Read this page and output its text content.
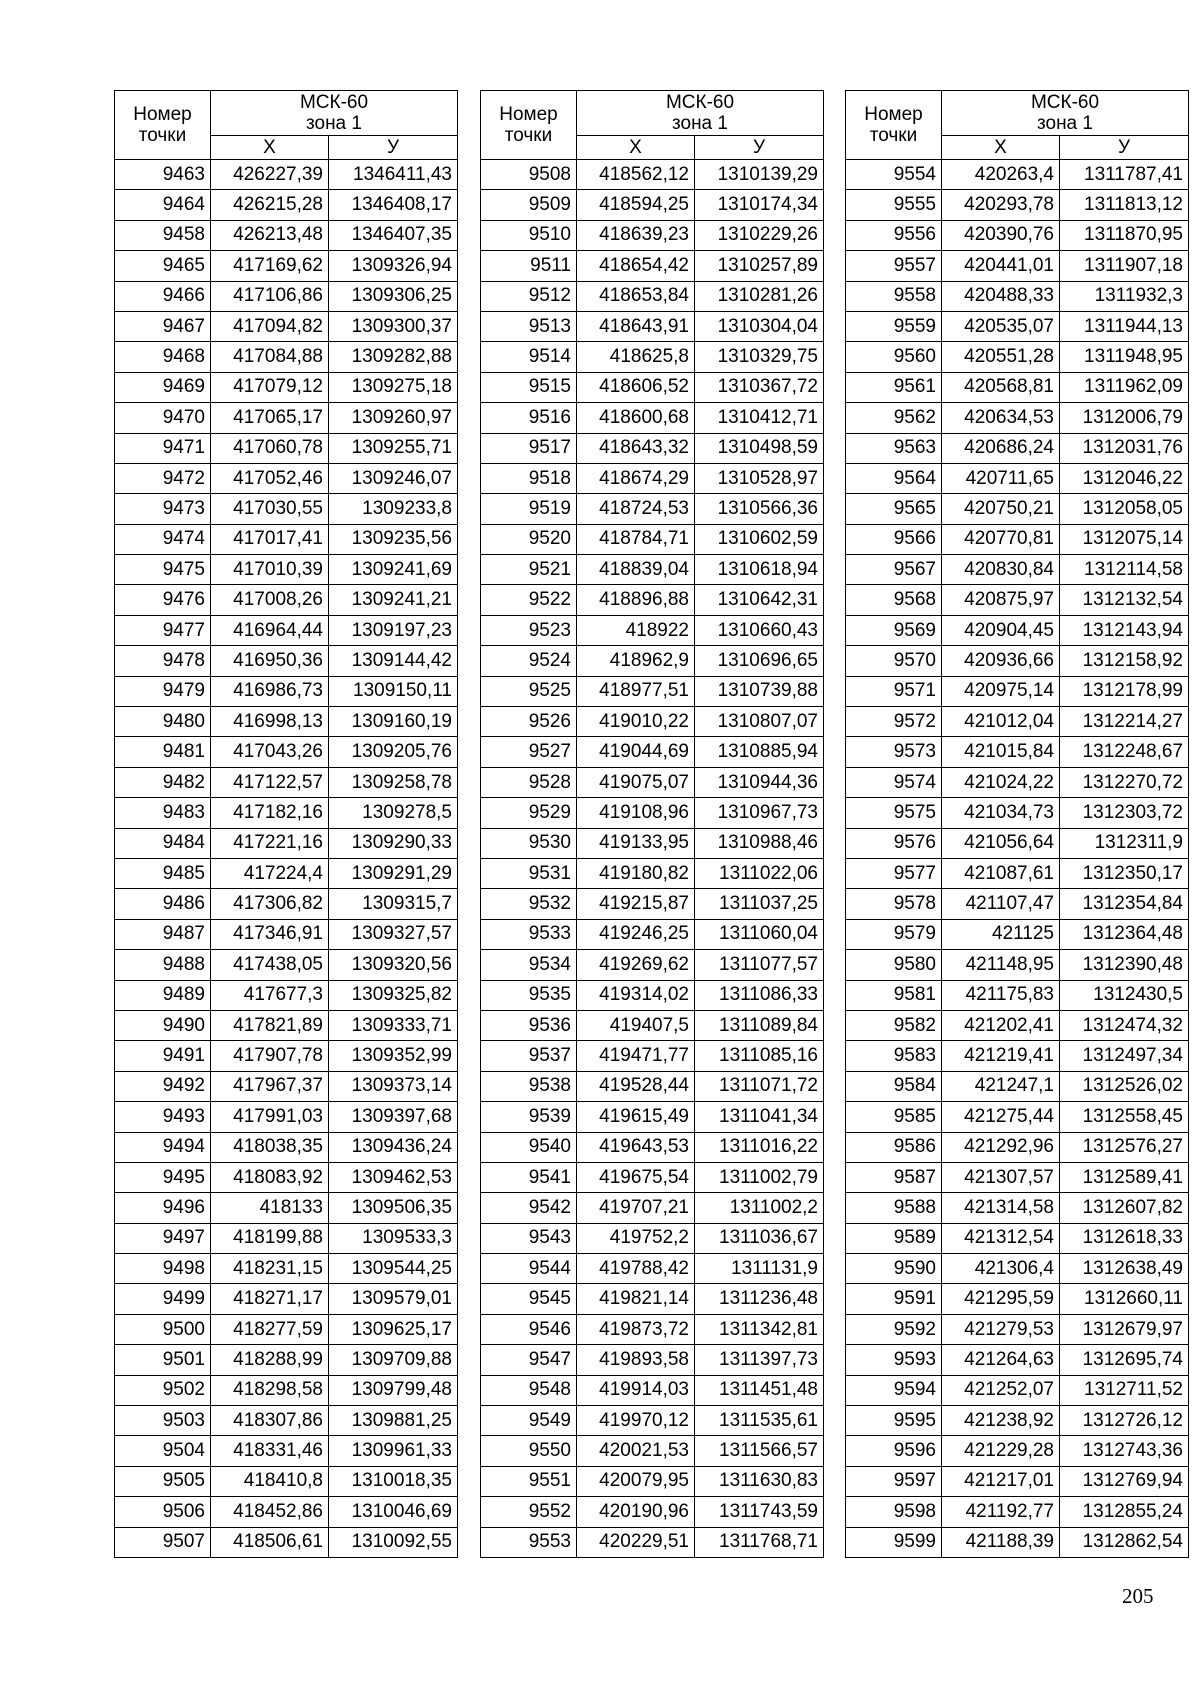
Номер
точки	МСК-60
зона 1	
	Х	У
9463	426227,39	1346411,43
9464	426215,28	1346408,17
9458	426213,48	1346407,35
9465	417169,62	1309326,94
9466	417106,86	1309306,25
9467	417094,82	1309300,37
9468	417084,88	1309282,88
9469	417079,12	1309275,18
9470	417065,17	1309260,97
9471	417060,78	1309255,71
9472	417052,46	1309246,07
9473	417030,55	1309233,8
9474	417017,41	1309235,56
9475	417010,39	1309241,69
9476	417008,26	1309241,21
9477	416964,44	1309197,23
9478	416950,36	1309144,42
9479	416986,73	1309150,11
9480	416998,13	1309160,19
9481	417043,26	1309205,76
9482	417122,57	1309258,78
9483	417182,16	1309278,5
9484	417221,16	1309290,33
9485	417224,4	1309291,29
9486	417306,82	1309315,7
9487	417346,91	1309327,57
9488	417438,05	1309320,56
9489	417677,3	1309325,82
9490	417821,89	1309333,71
9491	417907,78	1309352,99
9492	417967,37	1309373,14
9493	417991,03	1309397,68
9494	418038,35	1309436,24
9495	418083,92	1309462,53
9496	418133	1309506,35
9497	418199,88	1309533,3
9498	418231,15	1309544,25
9499	418271,17	1309579,01
9500	418277,59	1309625,17
9501	418288,99	1309709,88
9502	418298,58	1309799,48
9503	418307,86	1309881,25
9504	418331,46	1309961,33
9505	418410,8	1310018,35
9506	418452,86	1310046,69
9507	418506,61	1310092,55
Номер
точки	МСК-60
зона 1	
	Х	У
9508	418562,12	1310139,29
9509	418594,25	1310174,34
9510	418639,23	1310229,26
9511	418654,42	1310257,89
9512	418653,84	1310281,26
9513	418643,91	1310304,04
9514	418625,8	1310329,75
9515	418606,52	1310367,72
9516	418600,68	1310412,71
9517	418643,32	1310498,59
9518	418674,29	1310528,97
9519	418724,53	1310566,36
9520	418784,71	1310602,59
9521	418839,04	1310618,94
9522	418896,88	1310642,31
9523	418922	1310660,43
9524	418962,9	1310696,65
9525	418977,51	1310739,88
9526	419010,22	1310807,07
9527	419044,69	1310885,94
9528	419075,07	1310944,36
9529	419108,96	1310967,73
9530	419133,95	1310988,46
9531	419180,82	1311022,06
9532	419215,87	1311037,25
9533	419246,25	1311060,04
9534	419269,62	1311077,57
9535	419314,02	1311086,33
9536	419407,5	1311089,84
9537	419471,77	1311085,16
9538	419528,44	1311071,72
9539	419615,49	1311041,34
9540	419643,53	1311016,22
9541	419675,54	1311002,79
9542	419707,21	1311002,2
9543	419752,2	1311036,67
9544	419788,42	1311131,9
9545	419821,14	1311236,48
9546	419873,72	1311342,81
9547	419893,58	1311397,73
9548	419914,03	1311451,48
9549	419970,12	1311535,61
9550	420021,53	1311566,57
9551	420079,95	1311630,83
9552	420190,96	1311743,59
9553	420229,51	1311768,71
Номер
точки	МСК-60
зона 1	
	Х	У
9554	420263,4	1311787,41
9555	420293,78	1311813,12
9556	420390,76	1311870,95
9557	420441,01	1311907,18
9558	420488,33	1311932,3
9559	420535,07	1311944,13
9560	420551,28	1311948,95
9561	420568,81	1311962,09
9562	420634,53	1312006,79
9563	420686,24	1312031,76
9564	420711,65	1312046,22
9565	420750,21	1312058,05
9566	420770,81	1312075,14
9567	420830,84	1312114,58
9568	420875,97	1312132,54
9569	420904,45	1312143,94
9570	420936,66	1312158,92
9571	420975,14	1312178,99
9572	421012,04	1312214,27
9573	421015,84	1312248,67
9574	421024,22	1312270,72
9575	421034,73	1312303,72
9576	421056,64	1312311,9
9577	421087,61	1312350,17
9578	421107,47	1312354,84
9579	421125	1312364,48
9580	421148,95	1312390,48
9581	421175,83	1312430,5
9582	421202,41	1312474,32
9583	421219,41	1312497,34
9584	421247,1	1312526,02
9585	421275,44	1312558,45
9586	421292,96	1312576,27
9587	421307,57	1312589,41
9588	421314,58	1312607,82
9589	421312,54	1312618,33
9590	421306,4	1312638,49
9591	421295,59	1312660,11
9592	421279,53	1312679,97
9593	421264,63	1312695,74
9594	421252,07	1312711,52
9595	421238,92	1312726,12
9596	421229,28	1312743,36
9597	421217,01	1312769,94
9598	421192,77	1312855,24
9599	421188,39	1312862,54
205
